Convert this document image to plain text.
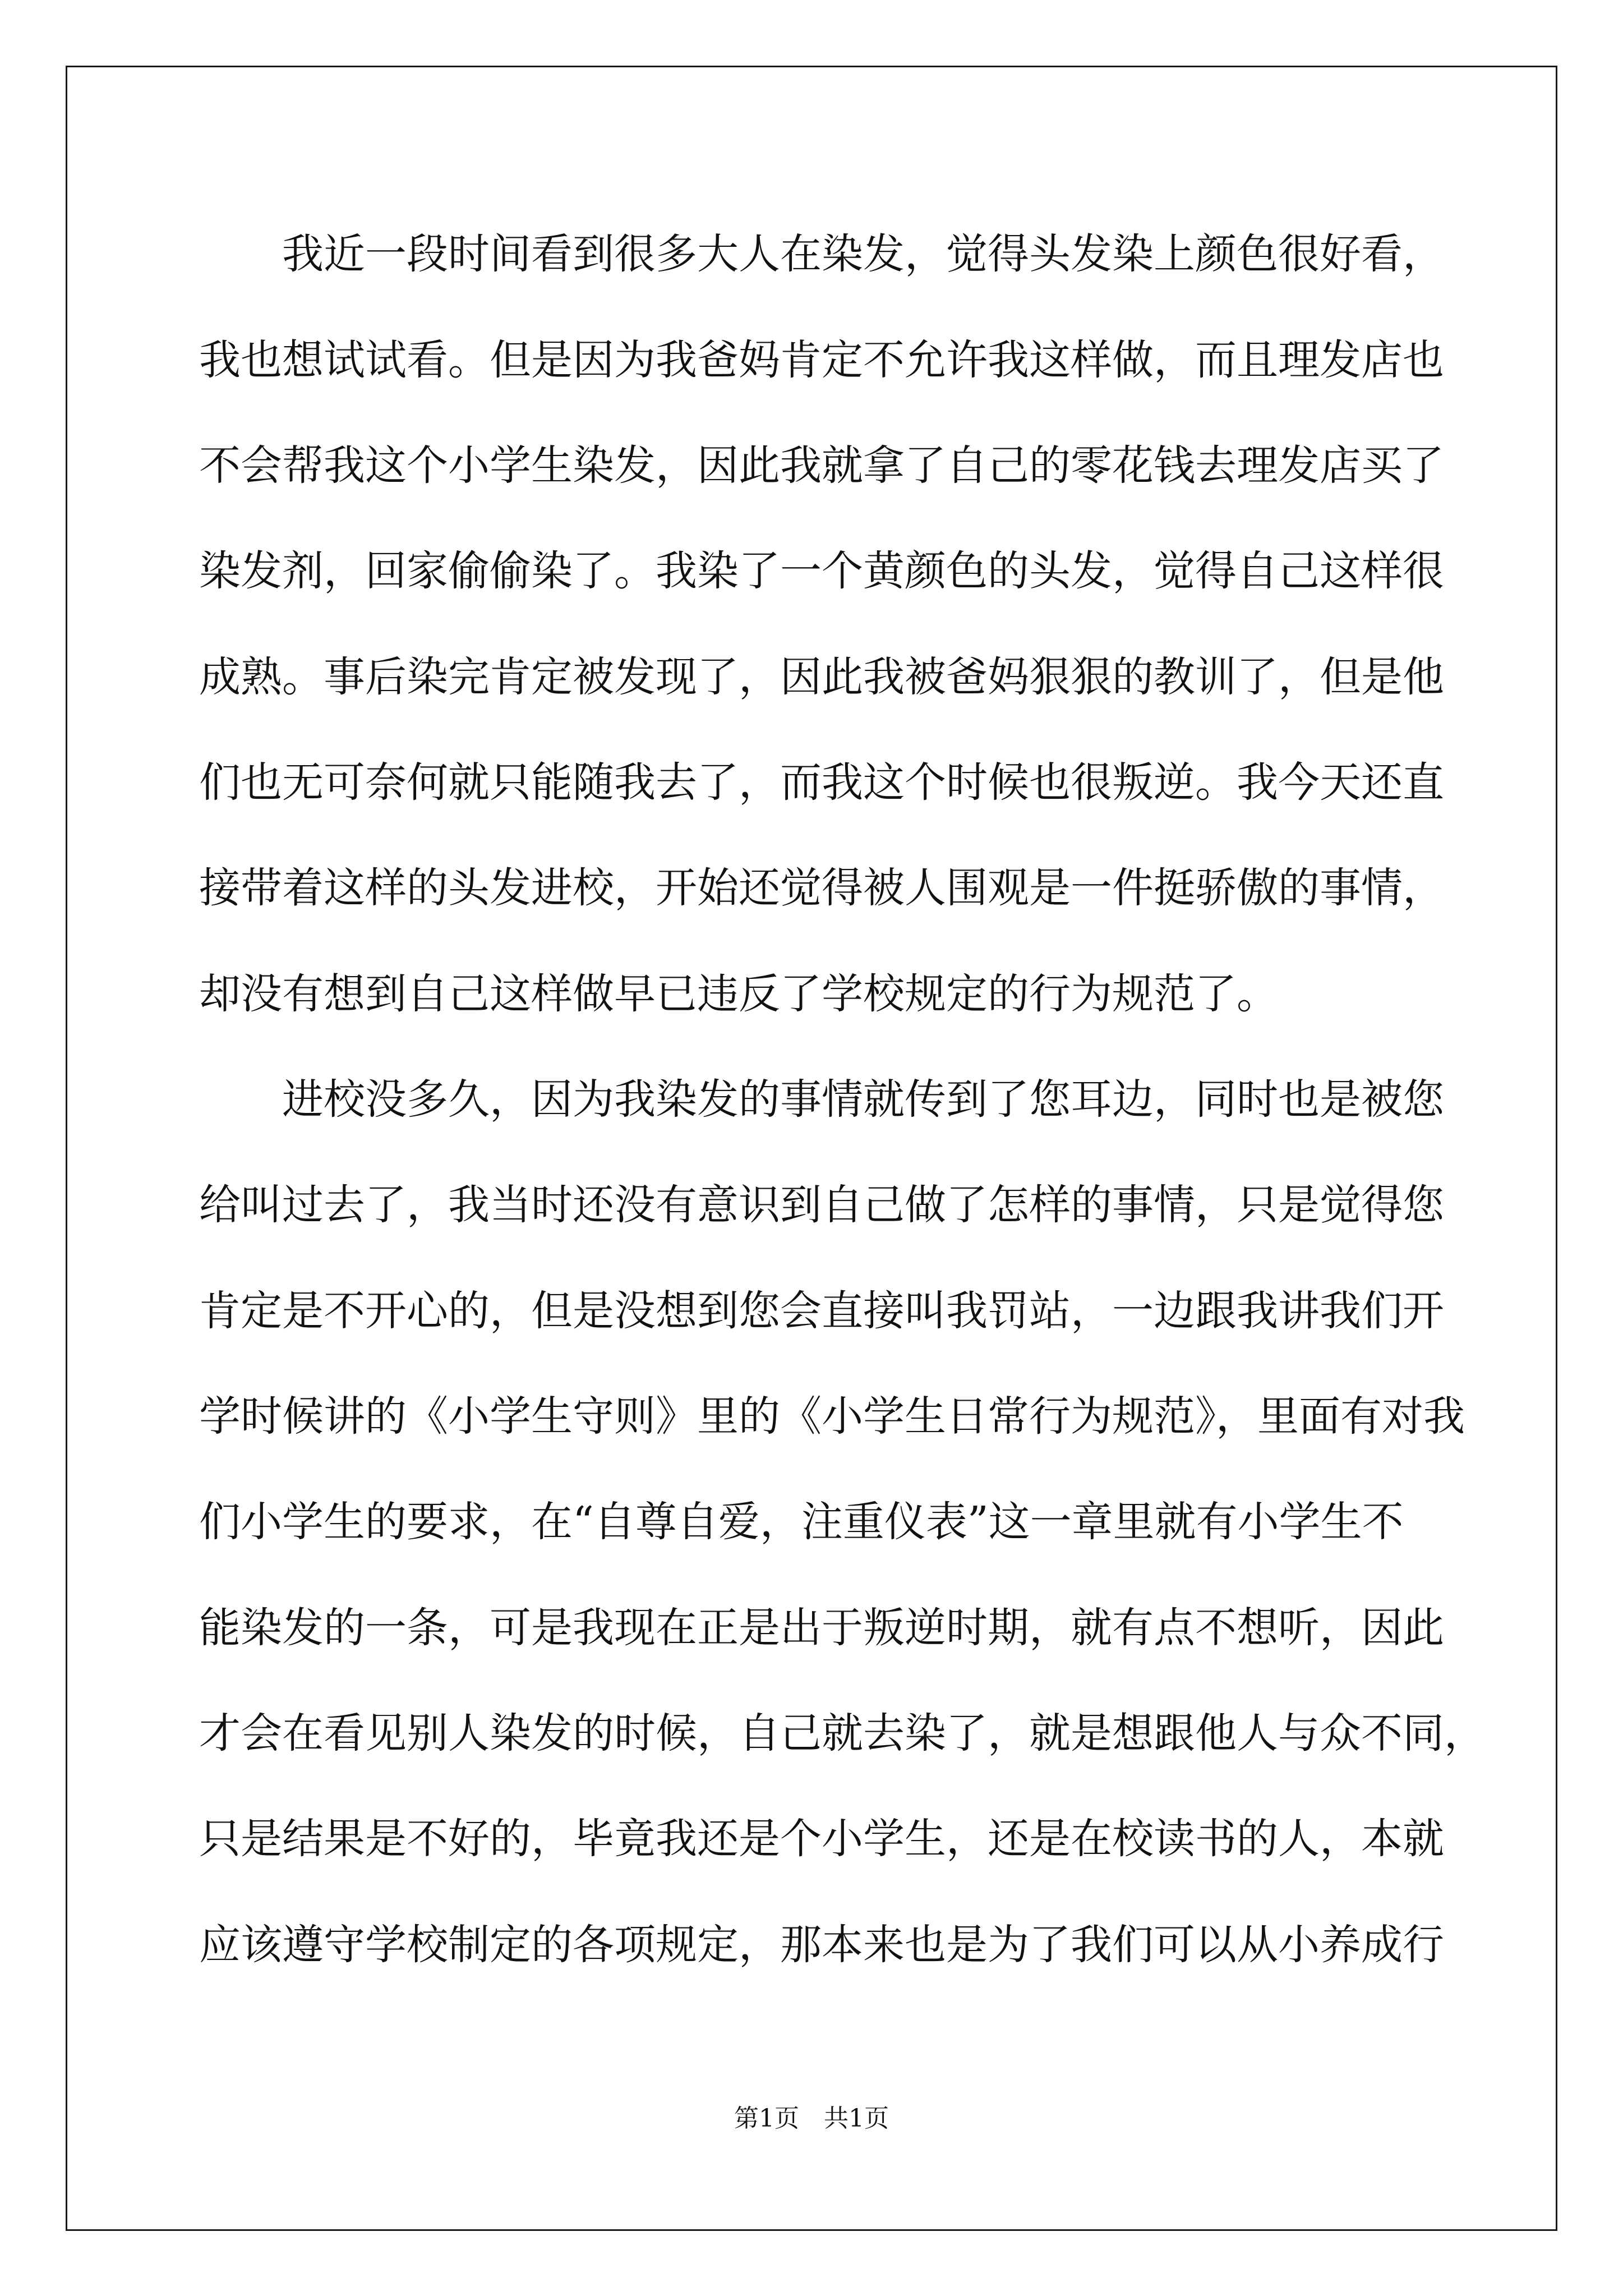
　　我近一段时间看到很多大人在染发，觉得头发染上颜色很好看，
我也想试试看。但是因为我爸妈肯定不允许我这样做，而且理发店也
不会帮我这个小学生染发，因此我就拿了自己的零花钱去理发店买了
染发剂，回家偷偷染了。我染了一个黄颜色的头发，觉得自己这样很
成熟。事后染完肯定被发现了，因此我被爸妈狠狠的教训了，但是他
们也无可奈何就只能随我去了，而我这个时候也很叛逆。我今天还直
接带着这样的头发进校，开始还觉得被人围观是一件挺骄傲的事情，
却没有想到自己这样做早已违反了学校规定的行为规范了。
　　进校没多久，因为我染发的事情就传到了您耳边，同时也是被您
给叫过去了，我当时还没有意识到自己做了怎样的事情，只是觉得您
肯定是不开心的，但是没想到您会直接叫我罚站，一边跟我讲我们开
学时候讲的《小学生守则》里的《小学生日常行为规范》，里面有对我
们小学生的要求，在“自尊自爱，注重仪表”这一章里就有小学生不
能染发的一条，可是我现在正是出于叛逆时期，就有点不想听，因此
才会在看见别人染发的时候，自己就去染了，就是想跟他人与众不同，
只是结果是不好的，毕竟我还是个小学生，还是在校读书的人，本就
应该遵守学校制定的各项规定，那本来也是为了我们可以从小养成行
第1页　共1页
